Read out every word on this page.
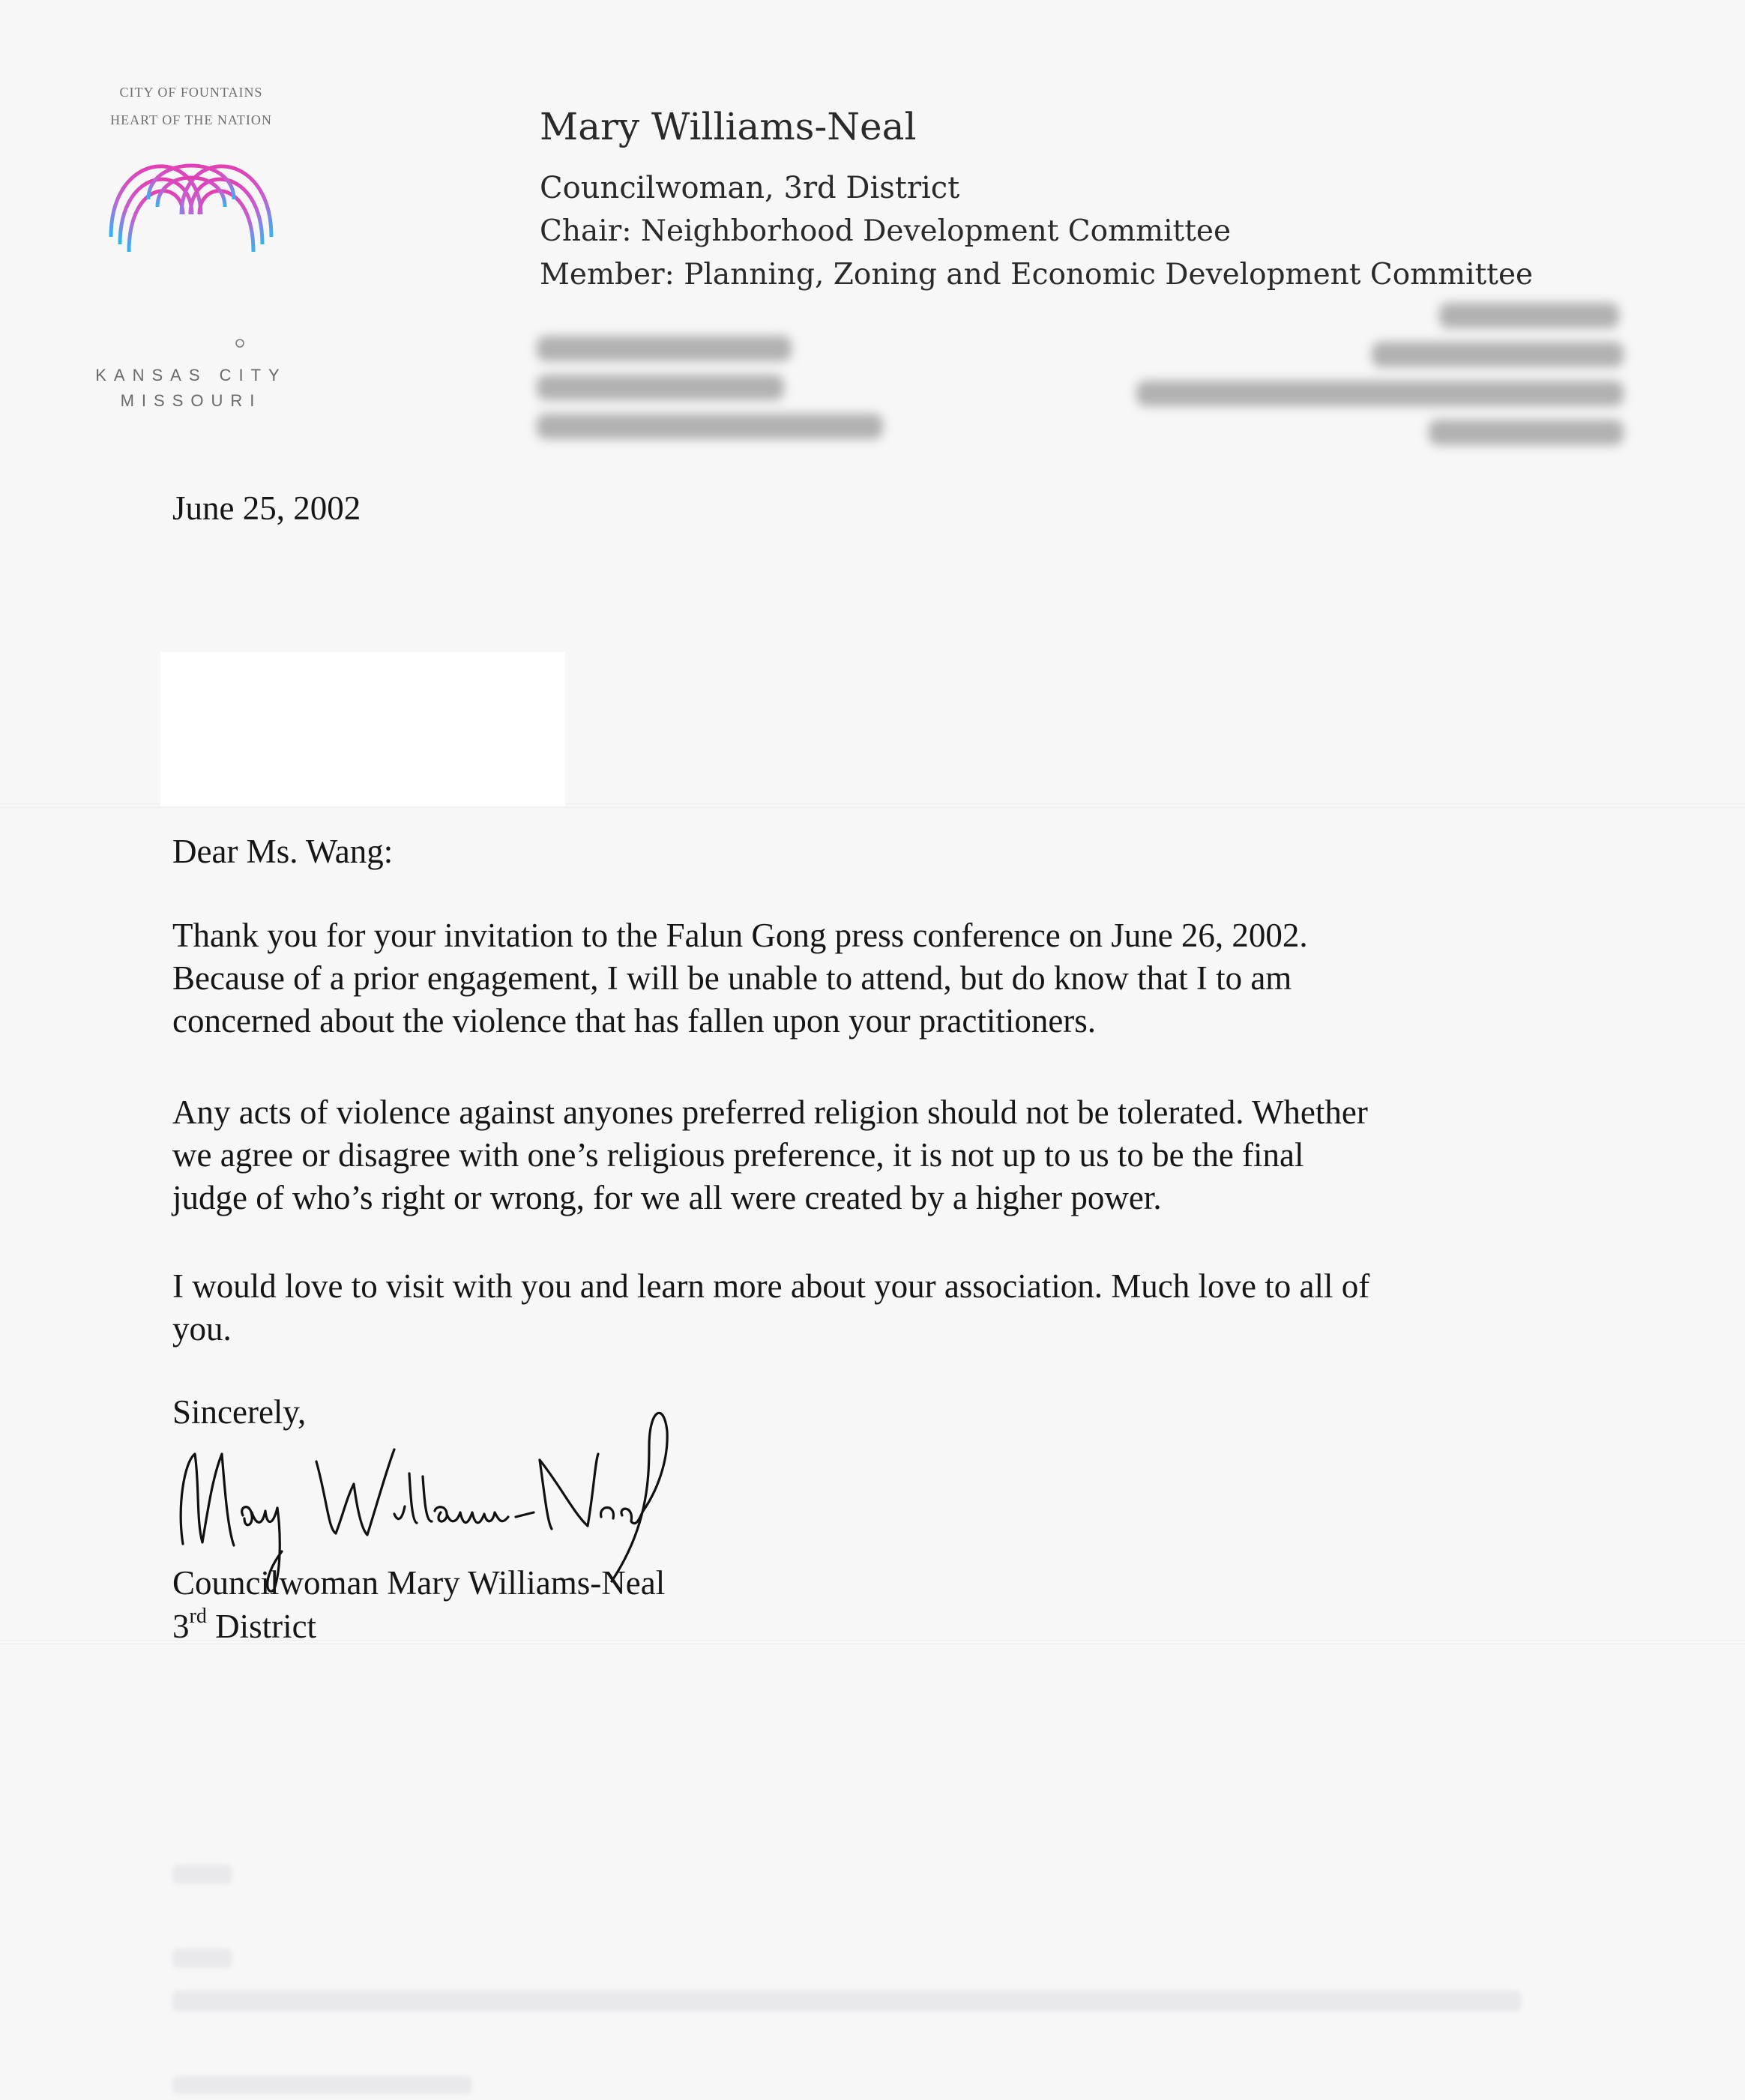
CITY OF FOUNTAINS
HEART OF THE NATION
KANSAS CITY
MISSOURI
Mary Williams-Neal
Councilwoman, 3rd District
Chair: Neighborhood Development Committee
Member: Planning, Zoning and Economic Development Committee
June 25, 2002
Dear Ms. Wang:
Thank you for your invitation to the Falun Gong press conference on June 26, 2002.
Because of a prior engagement, I will be unable to attend, but do know that I to am
concerned about the violence that has fallen upon your practitioners.
Any acts of violence against anyones preferred religion should not be tolerated. Whether
we agree or disagree with one’s religious preference, it is not up to us to be the final
judge of who’s right or wrong, for we all were created by a higher power.
I would love to visit with you and learn more about your association. Much love to all of
you.
Sincerely,
Councilwoman Mary Williams-Neal
3rd District
